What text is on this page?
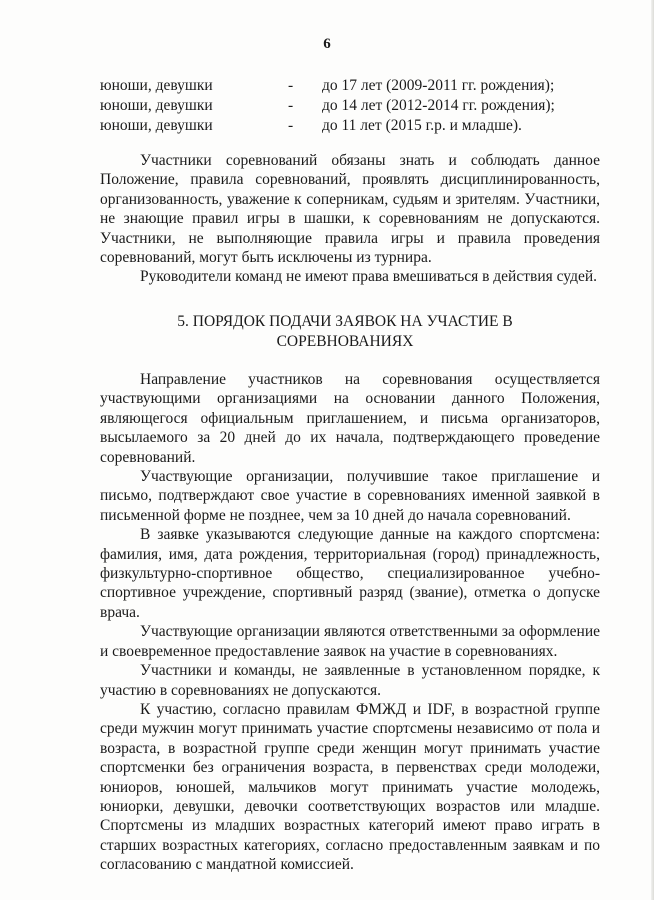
6
юноши, девушки	- до 17 лет (2009-2011 гг. рождения);
юноши, девушки	- до 14 лет (2012-2014 гг. рождения);
юноши, девушки	- до 11 лет (2015 г.р. и младше).

Участники соревнований обязаны знать и соблюдать данное Положение, правила соревнований, проявлять дисциплинированность, организованность, уважение к соперникам, судьям и зрителям. Участники, не знающие правил игры в шашки, к соревнованиям не допускаются. Участники, не выполняющие правила игры и правила проведения соревнований, могут быть исключены из турнира.

Руководители команд не имеют права вмешиваться в действия судей.

5. ПОРЯДОК ПОДАЧИ ЗАЯВОК НА УЧАСТИЕ В СОРЕВНОВАНИЯХ

Направление участников на соревнования осуществляется участвующими организациями на основании данного Положения, являющегося официальным приглашением, и письма организаторов, высылаемого за 20 дней до их начала, подтверждающего проведение соревнований.

Участвующие организации, получившие такое приглашение и письмо, подтверждают свое участие в соревнованиях именной заявкой в письменной форме не позднее, чем за 10 дней до начала соревнований.

В заявке указываются следующие данные на каждого спортсмена: фамилия, имя, дата рождения, территориальная (город) принадлежность, физкультурно-спортивное общество, специализированное учебно-спортивное учреждение, спортивный разряд (звание), отметка о допуске врача.

Участвующие организации являются ответственными за оформление и своевременное предоставление заявок на участие в соревнованиях.

Участники и команды, не заявленные в установленном порядке, к участию в соревнованиях не допускаются.

К участию, согласно правилам ФМЖД и IDF, в возрастной группе среди мужчин могут принимать участие спортсмены независимо от пола и возраста, в возрастной группе среди женщин могут принимать участие спортсменки без ограничения возраста, в первенствах среди молодежи, юниоров, юношей, мальчиков могут принимать участие молодежь, юниорки, девушки, девочки соответствующих возрастов или младше. Спортсмены из младших возрастных категорий имеют право играть в старших возрастных категориях, согласно предоставленным заявкам и по согласованию с мандатной комиссией.
